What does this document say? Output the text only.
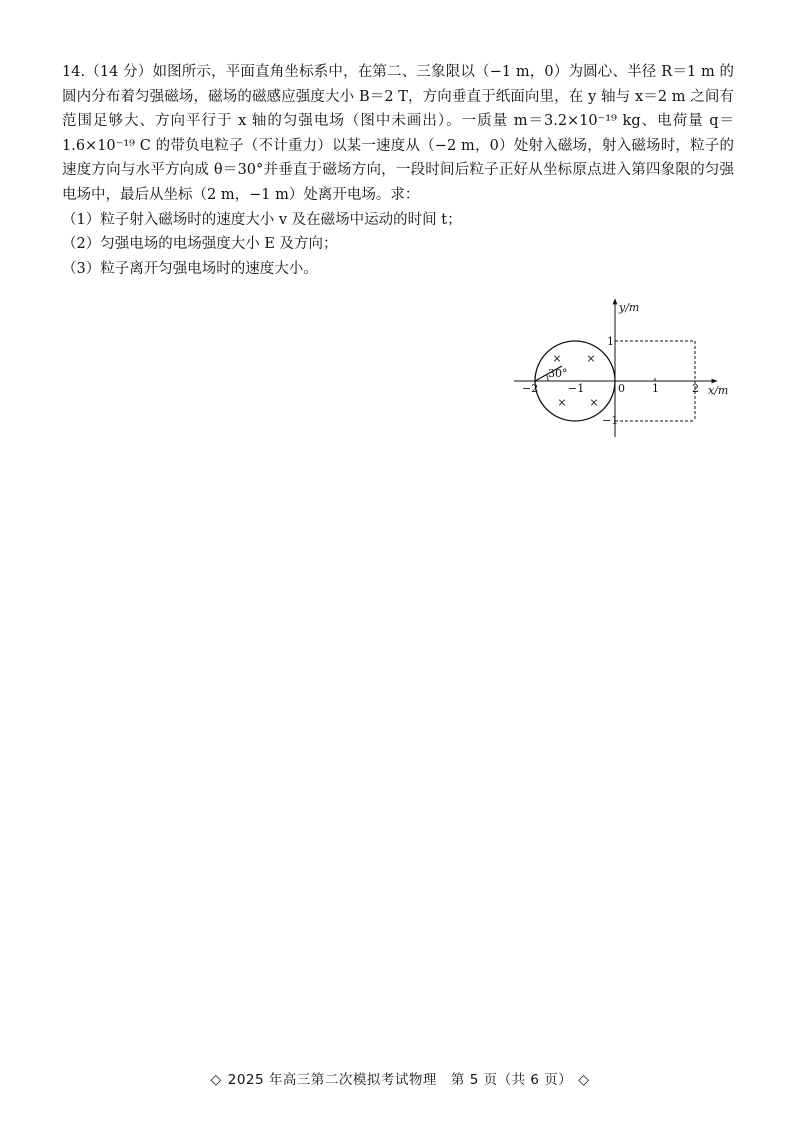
14.（14 分）如图所示，平面直角坐标系中，在第二、三象限以（−1 m，0）为圆心、半径 R＝1 m 的圆内分布着匀强磁场，磁场的磁感应强度大小 B＝2 T，方向垂直于纸面向里，在 y 轴与 x＝2 m 之间有范围足够大、方向平行于 x 轴的匀强电场（图中未画出）。一质量 m＝3.2×10⁻¹⁹ kg、电荷量 q＝1.6×10⁻¹⁹ C 的带负电粒子（不计重力）以某一速度从（−2 m，0）处射入磁场，射入磁场时，粒子的速度方向与水平方向成 θ＝30°并垂直于磁场方向，一段时间后粒子正好从坐标原点进入第四象限的匀强电场中，最后从坐标（2 m，−1 m）处离开电场。求：

（1）粒子射入磁场时的速度大小 v 及在磁场中运动的时间 t；

（2）匀强电场的电场强度大小 E 及方向；

（3）粒子离开匀强电场时的速度大小。

× ×
× ×
30°
y/m
x/m
0
−2	−1	1	2
1
−1
◇ 2025 年高三第二次模拟考试物理　第 5 页（共 6 页） ◇
